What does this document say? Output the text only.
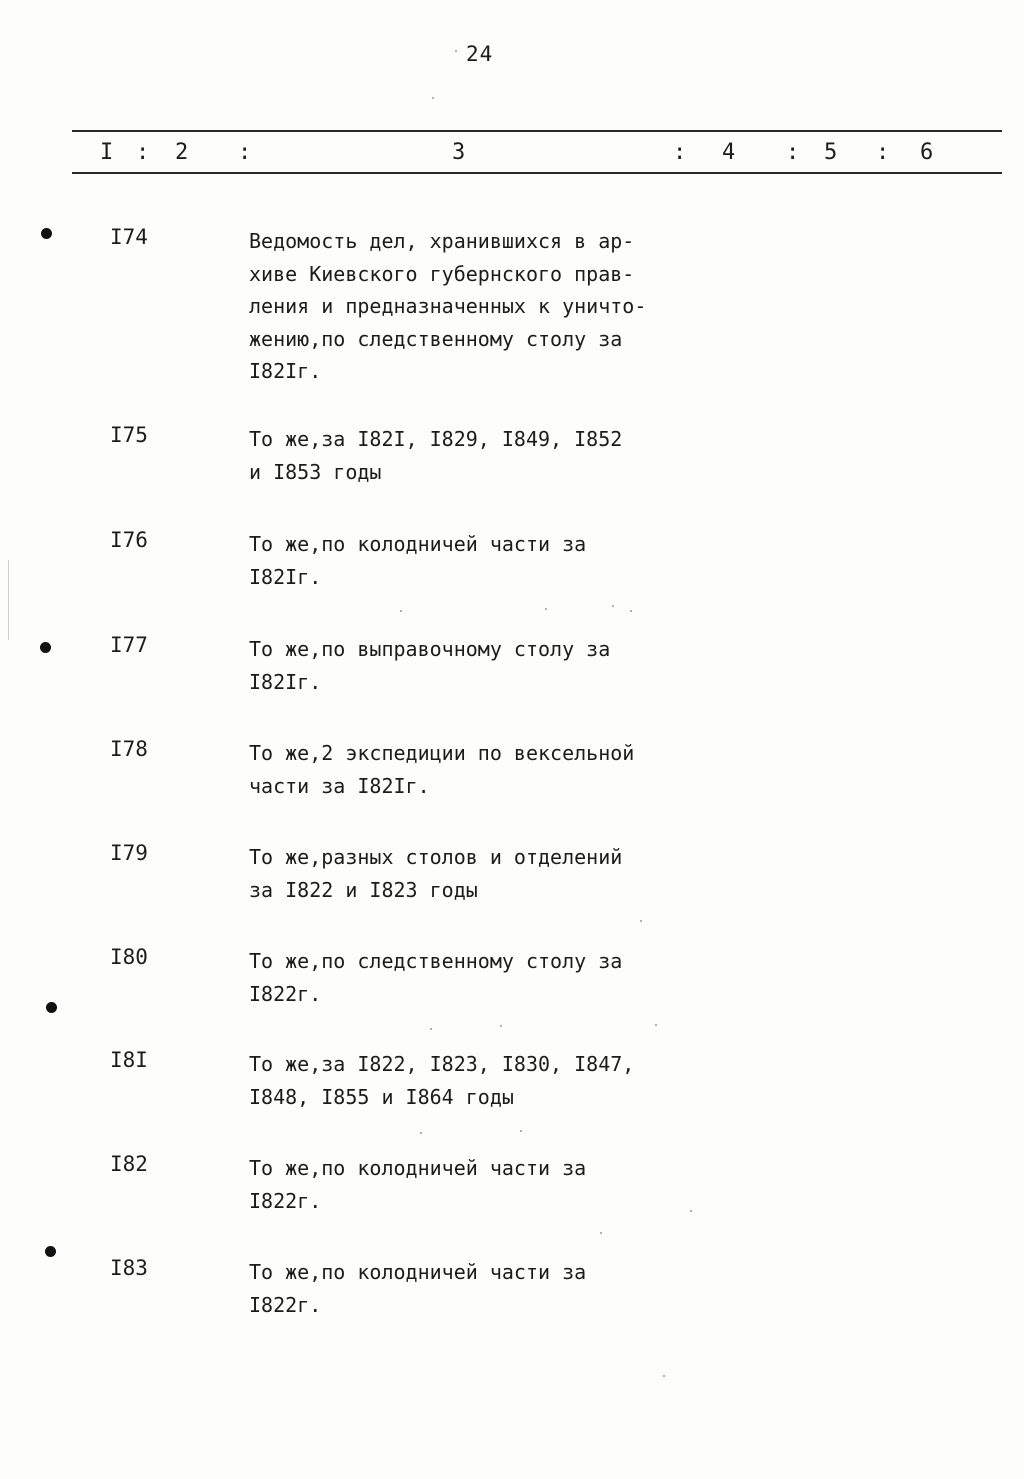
24
I : 2 :	3	: 4 : 5 : 6
I74	Ведомость дел, хранившихся в ар-
хиве Киевского губернского прав-
ления и предназначенных к уничто-
жению,по следственному столу за
I82Iг.
I75	То же,за I82I, I829, I849, I852
и I853 годы
I76	То же,по колодничей части за
I82Iг.
I77	То же,по выправочному столу за
I82Iг.
I78	То же,2 экспедиции по вексельной
части за I82Iг.
I79	То же,разных столов и отделений
за I822 и I823 годы
I80	То же,по следственному столу за
I822г.
I8I	То же,за I822, I823, I830, I847,
I848, I855 и I864 годы
I82	То же,по колодничей части за
I822г.
I83	То же,по колодничей части за
I822г.
